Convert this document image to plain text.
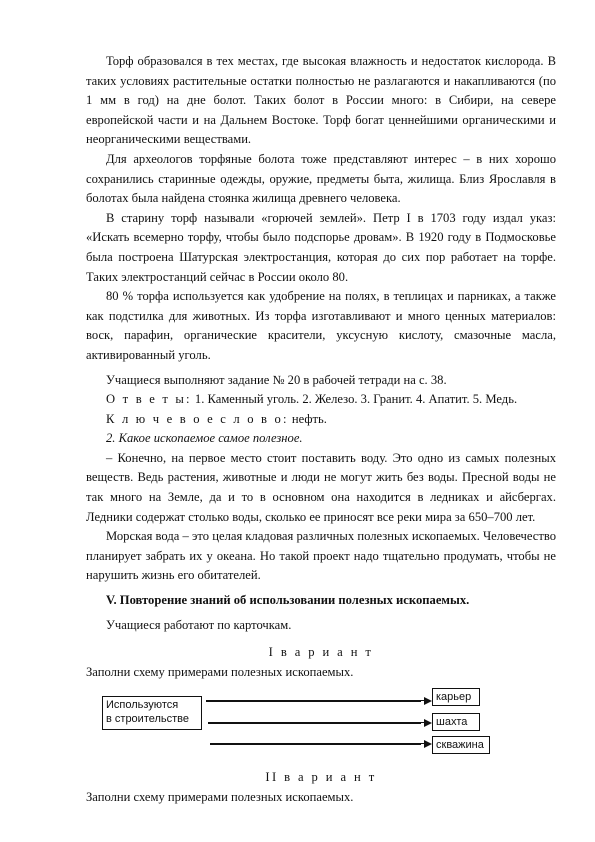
Торф образовался в тех местах, где высокая влажность и недостаток кислорода. В таких условиях растительные остатки полностью не разлагаются и накапливаются (по 1 мм в год) на дне болот. Таких болот в России много: в Сибири, на севере европейской части и на Дальнем Востоке. Торф богат ценнейшими органическими и неорганическими веществами.

Для археологов торфяные болота тоже представляют интерес – в них хорошо сохранились старинные одежды, оружие, предметы быта, жилища. Близ Ярославля в болотах была найдена стоянка жилища древнего человека.

В старину торф называли «горючей землей». Петр I в 1703 году издал указ: «Искать всемерно торфу, чтобы было подспорье дровам». В 1920 году в Подмосковье была построена Шатурская электростанция, которая до сих пор работает на торфе. Таких электростанций сейчас в России около 80.

80 % торфа используется как удобрение на полях, в теплицах и парниках, а также как подстилка для животных. Из торфа изготавливают и много ценных материалов: воск, парафин, органические красители, уксусную кислоту, смазочные масла, активированный уголь.

Учащиеся выполняют задание № 20 в рабочей тетради на с. 38.

О т в е т ы: 1. Каменный уголь. 2. Железо. 3. Гранит. 4. Апатит. 5. Медь.

К л ю ч е в о е с л о в о: нефть.

2. Какое ископаемое самое полезное.

– Конечно, на первое место стоит поставить воду. Это одно из самых полезных веществ. Ведь растения, животные и люди не могут жить без воды. Пресной воды не так много на Земле, да и то в основном она находится в ледниках и айсбергах. Ледники содержат столько воды, сколько ее приносят все реки мира за 650–700 лет.

Морская вода – это целая кладовая различных полезных ископаемых. Человечество планирует забрать их у океана. Но такой проект надо тщательно продумать, чтобы не нарушить жизнь его обитателей.

V. Повторение знаний об использовании полезных ископаемых.

Учащиеся работают по карточкам.

I в а р и а н т

Заполни схему примерами полезных ископаемых.

Используются
в строительстве
карьер
шахта
скважина

II в а р и а н т

Заполни схему примерами полезных ископаемых.
